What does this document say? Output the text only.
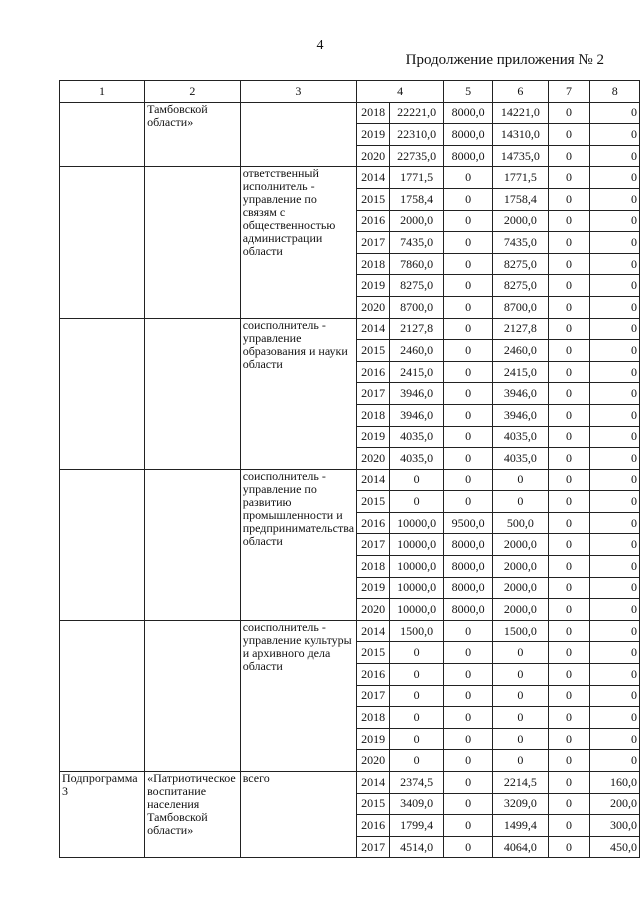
4
Продолжение приложения № 2
1	2	3	4		5	6	7	8
	Тамбовской области»		2018	22221,0	8000,0	14221,0	0	0
			2019	22310,0	8000,0	14310,0	0	0
			2020	22735,0	8000,0	14735,0	0	0
		ответственный исполнитель - управление по связям с общественностью администрации области	2014	1771,5	0	1771,5	0	0
			2015	1758,4	0	1758,4	0	0
			2016	2000,0	0	2000,0	0	0
			2017	7435,0	0	7435,0	0	0
			2018	7860,0	0	8275,0	0	0
			2019	8275,0	0	8275,0	0	0
			2020	8700,0	0	8700,0	0	0
		соисполнитель - управление образования и науки области	2014	2127,8	0	2127,8	0	0
			2015	2460,0	0	2460,0	0	0
			2016	2415,0	0	2415,0	0	0
			2017	3946,0	0	3946,0	0	0
			2018	3946,0	0	3946,0	0	0
			2019	4035,0	0	4035,0	0	0
			2020	4035,0	0	4035,0	0	0
		соисполнитель - управление по развитию промышленности и предпринимательства области	2014	0	0	0	0	0
			2015	0	0	0	0	0
			2016	10000,0	9500,0	500,0	0	0
			2017	10000,0	8000,0	2000,0	0	0
			2018	10000,0	8000,0	2000,0	0	0
			2019	10000,0	8000,0	2000,0	0	0
			2020	10000,0	8000,0	2000,0	0	0
		соисполнитель - управление культуры и архивного дела области	2014	1500,0	0	1500,0	0	0
			2015	0	0	0	0	0
			2016	0	0	0	0	0
			2017	0	0	0	0	0
			2018	0	0	0	0	0
			2019	0	0	0	0	0
			2020	0	0	0	0	0
Подпрограмма 3	«Патриотическое воспитание населения Тамбовской области»	всего	2014	2374,5	0	2214,5	0	160,0
			2015	3409,0	0	3209,0	0	200,0
			2016	1799,4	0	1499,4	0	300,0
			2017	4514,0	0	4064,0	0	450,0
